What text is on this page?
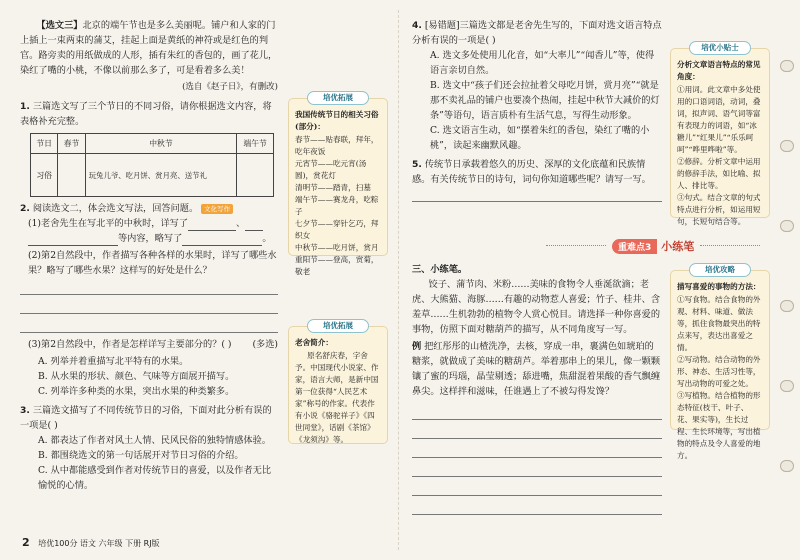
【选文三】北京的端午节也是多么美丽呢。铺户和人家的门上插上一束两束的蒲艾，挂起上面是黄纸的神符或是红色的判官。路旁卖的用纸做成的人形，插有朱红的香包的，画了花儿，染红了嘴的小桃，不像以前那么多了，可是看着多么美！

(选自《赵子日》，有删改)
1. 三篇选文写了三个节日的不同习俗，请你根据选文内容，将表格补充完整。
节日	春节	中秋节	端午节
习俗		玩兔儿爷、吃月饼、赏月亮、送节礼	
2. 阅读选文二，体会选文写法，回答问题。 文化写作
(1)老舍先生在写北平的中秋时，详写了	、
等内容，略写了	。
(2)第2自然段中，作者描写各种各样的水果时，详写了哪些水果？略写了哪些水果？这样写的好处是什么？
(3)第2自然段中，作者是怎样详写主要部分的？( ) (多选)
A. 列举并着重描写北平特有的水果。
B. 从水果的形状、颜色、气味等方面展开描写。
C. 列举许多种类的水果，突出水果的种类繁多。
3. 三篇选文描写了不同传统节日的习俗，下面对此分析有误的一项是( )
A. 都表达了作者对风土人情、民风民俗的独特情感体验。
B. 都围绕选文的第一句话展开对节日习俗的介绍。
C. 从中都能感受到作者对传统节日的喜爱，以及作者无比愉悦的心情。
培优拓展
我国传统节日的相关习俗(部分)：
春节——贴春联，拜年，吃年夜饭
元宵节——吃元宵(汤圆)，赏花灯
清明节——踏青，扫墓
端午节——赛龙舟，吃粽子
七夕节——穿针乞巧，拜织女
中秋节——吃月饼，赏月
重阳节——登高，赏菊，敬老
培优拓展
老舍简介：
原名舒庆春，字舍予。中国现代小说家、作家，语言大师，是新中国第一位获得“人民艺术家”称号的作家。代表作有小说《骆驼祥子》《四世同堂》，话剧《茶馆》《龙须沟》等。
4. [易错题]三篇选文都是老舍先生写的，下面对选文语言特点分析有误的一项是( )
A. 选文多处使用儿化音，如“大率儿”“闻香儿”等，使得语言亲切自然。
B. 选文中“孩子们还会拉扯着父母吃月饼，赏月亮”“就是那不卖礼品的铺户也要凑个热闹，挂起中秋节大减价的灯条”等语句，语言质朴有生活气息，写得生动形象。
C. 选文语言生动，如“摆着朱红的香包，染红了嘴的小桃”，读起来幽默风趣。
5. 传统节日承载着悠久的历史、深厚的文化底蕴和民族情感。有关传统节日的诗句，词句你知道哪些呢？请写一写。
重难点3 小练笔
三、小练笔。

饺子、蒲节肉、米粉……美味的食物令人垂涎欲滴；老虎、大熊猫、海豚……有趣的动物惹人喜爱；竹子、桂井、含羞草……生机勃勃的植物令人赏心悦目。请选择一种你喜爱的事物，仿照下面对糖葫芦的描写，从不同角度写一写。

例 把红彤彤的山楂洗净，去核，穿成一串，裹满色如琥珀的糖浆，就做成了美味的糖葫芦。举着那串上的果儿，像一颗颗镶了蜜的玛瑙，晶莹剔透；舔进嘴，焦甜混着果酸的香气飘缠鼻尖。这样拌和滋味，任谁遇上了不被勾得发馋？

培优小贴士
分析文章语言特点的常见角度：
①用词。此文章中多处使用的口语词语，动词，叠词，拟声词、语气词等富有表现力的词语，如“冰糖儿”“红果儿”“乐乐呵呵”“哗里哗啦”等。
②修辞。分析文章中运用的修辞手法，如比喻、拟人、排比等。
③句式。结合文章的句式特点进行分析，如运用短句，长短句结合等。
培优攻略
描写喜爱的事物的方法：
①写食物。结合食物的外观、材料、味道、做法等，抓住食物最突出的特点来写，表达出喜爱之情。
②写动物。结合动物的外形、神态、生活习性等，写出动物的可爱之处。
③写植物。结合植物的形态特征(枝干、叶子、花、果实等)，生长过程、生长环境等，写出植物的特点及令人喜爱的地方。
2 培优100分 语文 六年级 下册 RJ版
